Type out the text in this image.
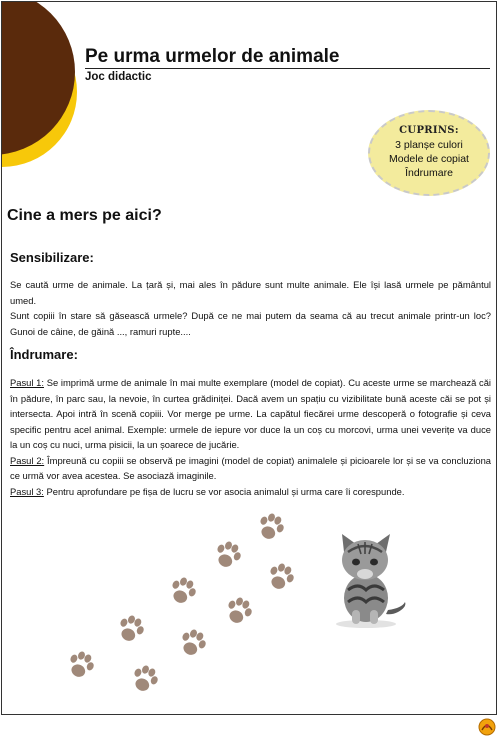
Pe urma urmelor de animale
Joc didactic
CUPRINS:
3 planșe culori
Modele de copiat
Îndrumare
Cine a mers pe aici?
Sensibilizare:

Se caută urme de animale. La țară și, mai ales în pădure sunt multe animale. Ele își lasă urmele pe pământul umed.

Sunt copiii în stare să găsească urmele? După ce ne mai putem da seama că au trecut animale printr-un loc? Gunoi de câine, de găină ..., ramuri rupte....

Îndrumare:

Pasul 1: Se imprimă urme de animale în mai multe exemplare (model de copiat). Cu aceste urme se marchează căi în pădure, în parc sau, la nevoie, în curtea grădiniței. Dacă avem un spațiu cu vizibilitate bună aceste căi se pot și intersecta. Apoi intră în scenă copiii. Vor merge pe urme. La capătul fiecărei urme descoperă o fotografie și ceva specific pentru acel animal. Exemple: urmele de iepure vor duce la un coș cu morcovi, urma unei veverițe va duce la un coș cu nuci, urma pisicii, la un șoarece de jucărie.

Pasul 2: Împreună cu copiii se observă pe imagini (model de copiat) animalele și picioarele lor și se va concluziona ce urmă vor avea acestea. Se asociază imaginile.

Pasul 3: Pentru aprofundare pe fișa de lucru se vor asocia animalul și urma care îi corespunde.
